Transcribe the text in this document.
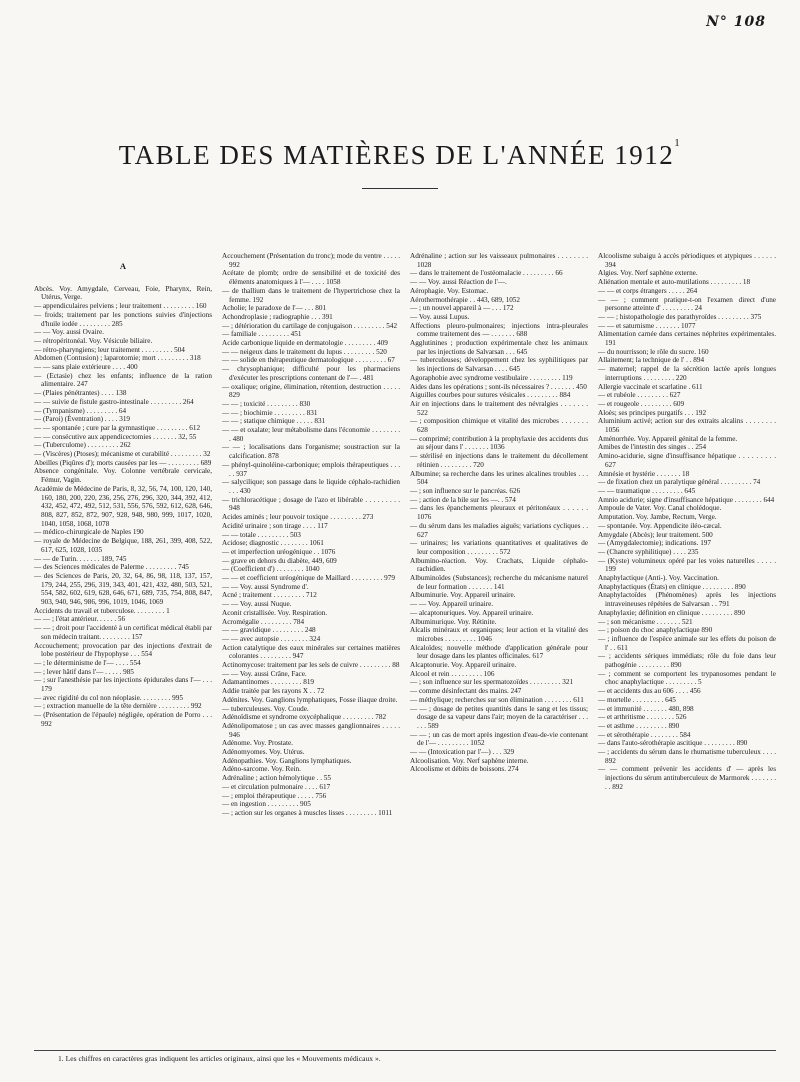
N° 108
TABLE DES MATIÈRES DE L'ANNÉE 1912$^1$
A

Abcès. Voy. Amygdale, Cerveau, Foie, Pharynx, Rein, Utérus, Verge.

— appendiculaires pelviens ; leur traitement . . . . . . . . . 160

— froids; traitement par les ponctions suivies d'injections d'huile iodée . . . . . . . . . 285

— — Voy. aussi Ovaire.

— rétropéritonéal. Voy. Vésicule biliaire.

— rétro-pharyngiens; leur traitement . . . . . . . . . 504

Abdomen (Contusion) ; laparotomie; mort . . . . . . . . . 318

— — sans plaie extérieure . . . . 400

— (Ectasie) chez les enfants; influence de la ration alimentaire. 247

— (Plaies pénétrantes) . . . . 138

— — suivie de fistule gastro-intestinale . . . . . . . . . 264

— (Tympanisme) . . . . . . . . . 64

— (Paroi) (Éventration) . . . . 319

— — spontanée ; cure par la gymnastique . . . . . . . . . 612

— — consécutive aux appendicectomies . . . . . . . 32, 55

— (Tuberculome) . . . . . . . . . 262

— (Viscères) (Ptoses); mécanisme et curabilité . . . . . . . . . 32

Abeilles (Piqûres d'); morts causées par les — . . . . . . . . . 689

Absence congénitale. Voy. Colonne vertébrale cervicale, Fémur, Vagin.

Académie de Médecine de Paris, 8, 32, 56, 74, 100, 120, 140, 160, 180, 200, 220, 236, 256, 276, 296, 320, 344, 392, 412, 432, 452, 472, 492, 512, 531, 556, 576, 592, 612, 628, 646, 808, 827, 852, 872, 907, 928, 948, 980, 999, 1017, 1020, 1040, 1058, 1068, 1078

— médico-chirurgicale de Naples 190

— royale de Médecine de Belgique, 188, 261, 399, 408, 522, 617, 625, 1028, 1035

— — de Turin. . . . . . . 189, 745

— des Sciences médicales de Palerme . . . . . . . . . 745

— des Sciences de Paris, 20, 32, 64, 86, 98, 118, 137, 157, 179, 244, 255, 296, 319, 343, 401, 421, 432, 480, 503, 521, 554, 582, 602, 619, 628, 646, 671, 689, 735, 754, 808, 847, 903, 940, 946, 986, 996, 1019, 1046, 1069

Accidents du travail et tuberculose. . . . . . . . . 1

— — ; l'état antérieur. . . . . . 56

— — ; droit pour l'accidenté à un certificat médical établi par son médecin traitant. . . . . . . . . 157

Accouchement; provocation par des injections d'extrait de lobe postérieur de l'hypophyse . . . 554

— ; le déterminisme de l'— . . . . 554

— ; lever hâtif dans l'— . . . . . 985

— ; sur l'anesthésie par les injections épidurales dans l'— . . . 179

— avec rigidité du col non néoplasie. . . . . . . . . 995

— ; extraction manuelle de la tête dernière . . . . . . . . . 992

— (Présentation de l'épaule) négligée, opération de Porro . . . 992

Accouchement (Présentation du tronc); mode du ventre . . . . . 992

Acétate de plomb; ordre de sensibilité et de toxicité des éléments anatomiques à l'— . . . . 1058

— de thallium dans le traitement de l'hypertrichose chez la femme. 192

Acholie; le paradoxe de l'— . . . 801

Achondroplasie ; radiographie . . . 391

— ; détérioration du cartilage de conjugaison . . . . . . . . . 542

— familiale . . . . . . . . . 451

Acide carbonique liquide en dermatologie . . . . . . . . . 409

— — neigeux dans le traitement du lupus . . . . . . . . . 520

— — solide en thérapeutique dermatologique . . . . . . . . . 67

— chrysophanique; difficulté pour les pharmaciens d'exécuter les prescriptions contenant de l'— . 481

— oxalique; origine, élimination, rétention, destruction . . . . . 829

— — ; toxicité . . . . . . . . . 830

— — ; biochimie . . . . . . . . . 831

— — ; statique chimique . . . . . 831

— — et oxalate; leur métabolisme dans l'économie . . . . . . . . . 480

— — ; localisations dans l'organisme; soustraction sur la calcification. 878

— phényl-quinoléine-carbonique; emplois thérapeutiques . . . . . 937

— salycilique; son passage dans le liquide céphalo-rachidien . . . 430

— trichloracétique ; dosage de l'azo et libérable . . . . . . . . . 948

Acides aminés ; leur pouvoir toxique . . . . . . . . . 273

Acidité urinaire ; son tirage . . . . 117

— — totale . . . . . . . . . 503

Acidose; diagnostic . . . . . . . . 1061

— et imperfection uréogénique . . 1076

— grave en dehors du diabète, 449, 609

— (Coefficient d') . . . . . . . . 1040

— — et coefficient uréogénique de Maillard . . . . . . . . . 979

— — Voy. aussi Syndrome d'.

Acné ; traitement . . . . . . . . . 712

— — Voy. aussi Nuque.

Aconit cristallisée. Voy. Respiration.

Acromégalie . . . . . . . . . 784

— — gravidique . . . . . . . . . 248

— — avec autopsie . . . . . . . . 324

Action catalytique des eaux minérales sur certaines matières colorantes . . . . . . . . . 947

Actinomycose: traitement par les sels de cuivre . . . . . . . . . 88

— — Voy. aussi Crâne, Face.

Adamantinomes . . . . . . . . . 819

Addie traitée par les rayons X . . 72

Adénites. Voy. Ganglions lymphatiques, Fosse iliaque droite.

— tuberculeuses. Voy. Coude.

Adénoïdisme et syndrome oxycéphalique . . . . . . . . . 782

Adénolipomatose ; un cas avec masses ganglionnaires . . . . . 946

Adénome. Voy. Prostate.

Adénomyomes. Voy. Utérus.

Adénopathies. Voy. Ganglions lymphatiques.

Adéno-sarcome. Voy. Rein.

Adrénaline ; action hémolytique . . 55

— et circulation pulmonaire . . . . 617

— ; emploi thérapeutique . . . . . 756

— en ingestion . . . . . . . . . 905

— ; action sur les organes à muscles lisses . . . . . . . . . 1011

Adrénaline ; action sur les vaisseaux pulmonaires . . . . . . . . 1028

— dans le traitement de l'ostéomalacie . . . . . . . . . 66

— — Voy. aussi Réaction de l'—.

Aérophagie. Voy. Estomac.

Aérothermothérapie . . 443, 689, 1052

— ; un nouvel appareil à — . . . 172

— Voy. aussi Lupus.

Affections pleuro-pulmonaires; injections intra-pleurales comme traitement des — . . . . . . . 688

Agglutinines ; production expérimentale chez les animaux par les injections de Salvarsan . . . 645

— tuberculeuses; développement chez les syphilitiques par les injections de Salvarsan . . . . 645

Agoraphobie avec syndrome vestibulaire . . . . . . . . . 119

Aides dans les opérations ; sont-ils nécessaires ? . . . . . . . 450

Aiguilles courbes pour sutures vésicales . . . . . . . . . 884

Air en injections dans le traitement des névralgies . . . . . . . 522

— ; composition chimique et vitalité des microbes . . . . . . . 628

— comprimé; contribution à la prophylaxie des accidents dus au séjour dans l' . . . . . . . 1036

— stérilisé en injections dans le traitement du décollement rétinien . . . . . . . . . 720

Albumine; sa recherche dans les urines alcalines troubles . . . 504

— ; son influence sur le pancréas. 626

— ; action de la bile sur les —. . 574

— dans les épanchements pleuraux et péritonéaux . . . . . . 1076

— du sérum dans les maladies aiguës; variations cycliques . . 627

— urinaires; les variations quantitatives et qualitatives de leur composition . . . . . . . . . 572

Albumino-réaction. Voy. Crachats, Liquide céphalo-rachidien.

Albuminoïdes (Substances); recherche du mécanisme naturel de leur formation . . . . . . . 141

Albuminurie. Voy. Appareil urinaire.

— — Voy. Appareil urinaire.

— alcaptonuriques. Voy. Appareil urinaire.

Albuminurique. Voy. Rétinite.

Alcalis minéraux et organiques; leur action et la vitalité des microbes . . . . . . . . . 1046

Alcaloïdes; nouvelle méthode d'application générale pour leur dosage dans les plantes officinales. 617

Alcaptonurie. Voy. Appareil urinaire.

Alcool et rein . . . . . . . . . 106

— ; son influence sur les spermatozoïdes . . . . . . . . . 321

— comme désinfectant des mains. 247

— méthylique; recherches sur son élimination . . . . . . . . 611

— — ; dosage de petites quantités dans le sang et les tissus; dosage de sa vapeur dans l'air; moyen de la caractériser . . . . . . 589

— — ; un cas de mort après ingestion d'eau-de-vie contenant de l'— . . . . . . . . . 1052

— — (Intoxication par l'—) . . . 329

Alcoolisation. Voy. Nerf saphène interne.

Alcoolisme et débits de boissons. 274

Alcoolisme subaigu à accès périodiques et atypiques . . . . . . 394

Algies. Voy. Nerf saphène externe.

Aliénation mentale et auto-mutilations . . . . . . . . . 18

— — et corps étrangers . . . . . 264

— — ; comment pratique-t-on l'examen direct d'une personne atteinte d' . . . . . . . . . 24

— — ; histopathologie des parathyroïdes . . . . . . . . . 375

— — et saturnisme . . . . . . . 1077

Alimentation carnée dans certaines néphrites expérimentales. 191

— du nourrisson; le rôle du sucre. 160

Allaitement; la technique de l' . . 894

— maternel; rappel de la sécrétion lactée après longues interruptions . . . . . . . . . 220

Allergie vaccinale et scarlatine . 611

— et rubéole . . . . . . . . . 627

— et rougeole . . . . . . . . . 609

Aloès; ses principes purgatifs . . . 192

Aluminium activé; action sur des extraits alcalins . . . . . . . . 1056

Aménorrhée. Voy. Appareil génital de la femme.

Amibes de l'intestin des singes . . 254

Amino-acidurie, signe d'insuffisance hépatique . . . . . . . . . 627

Amnésie et hystérie . . . . . . . 18

— de fixation chez un paralytique général . . . . . . . . . 74

— — traumatique . . . . . . . . . 645

Amnio acidurie; signe d'insuffisance hépatique . . . . . . . . 644

Ampoule de Vater. Voy. Canal cholédoque.

Amputation. Voy. Jambe, Rectum, Verge.

— spontanée. Voy. Appendicite iléo-cæcal.

Amygdale (Abcès); leur traitement. 500

— (Amygdalectomie); indications. 197

— (Chancre syphilitique) . . . . 235

— (Kyste) volumineux opéré par les voies naturelles . . . . . 199

Anaphylactique (Anti-). Voy. Vaccination.

Anaphylactiques (États) en clinique . . . . . . . . . 890

Anaphylactoïdes (Phénomènes) après les injections intraveineuses répétées de Salvarsan . . 791

Anaphylaxie; définition en clinique . . . . . . . . . 890

— ; son mécanisme . . . . . . . 521

— ; poison du choc anaphylactique 890

— ; influence de l'espèce animale sur les effets du poison de l' . . 611

— ; accidents sériques immédiats; rôle du foie dans leur pathogénie . . . . . . . . . 890

— ; comment se comportent les trypanosomes pendant le choc anaphylactique . . . . . . . . . 5

— et accidents dus au 606 . . . . 456

— mortelle . . . . . . . . . 645

— et immunité . . . . . . . 480, 898

— et arthritisme . . . . . . . . 526

— et asthme . . . . . . . . . 890

— et sérothérapie . . . . . . . . 584

— dans l'auto-sérothérapie ascitique . . . . . . . . . 890

— ; accidents du sérum dans le rhumatisme tuberculeux . . . . 892

— — comment prévenir les accidents d' — après les injections du sérum antituberculeux de Marmorek . . . . . . . . . 892

1. Les chiffres en caractères gras indiquent les articles originaux, ainsi que les « Mouvements médicaux ».
